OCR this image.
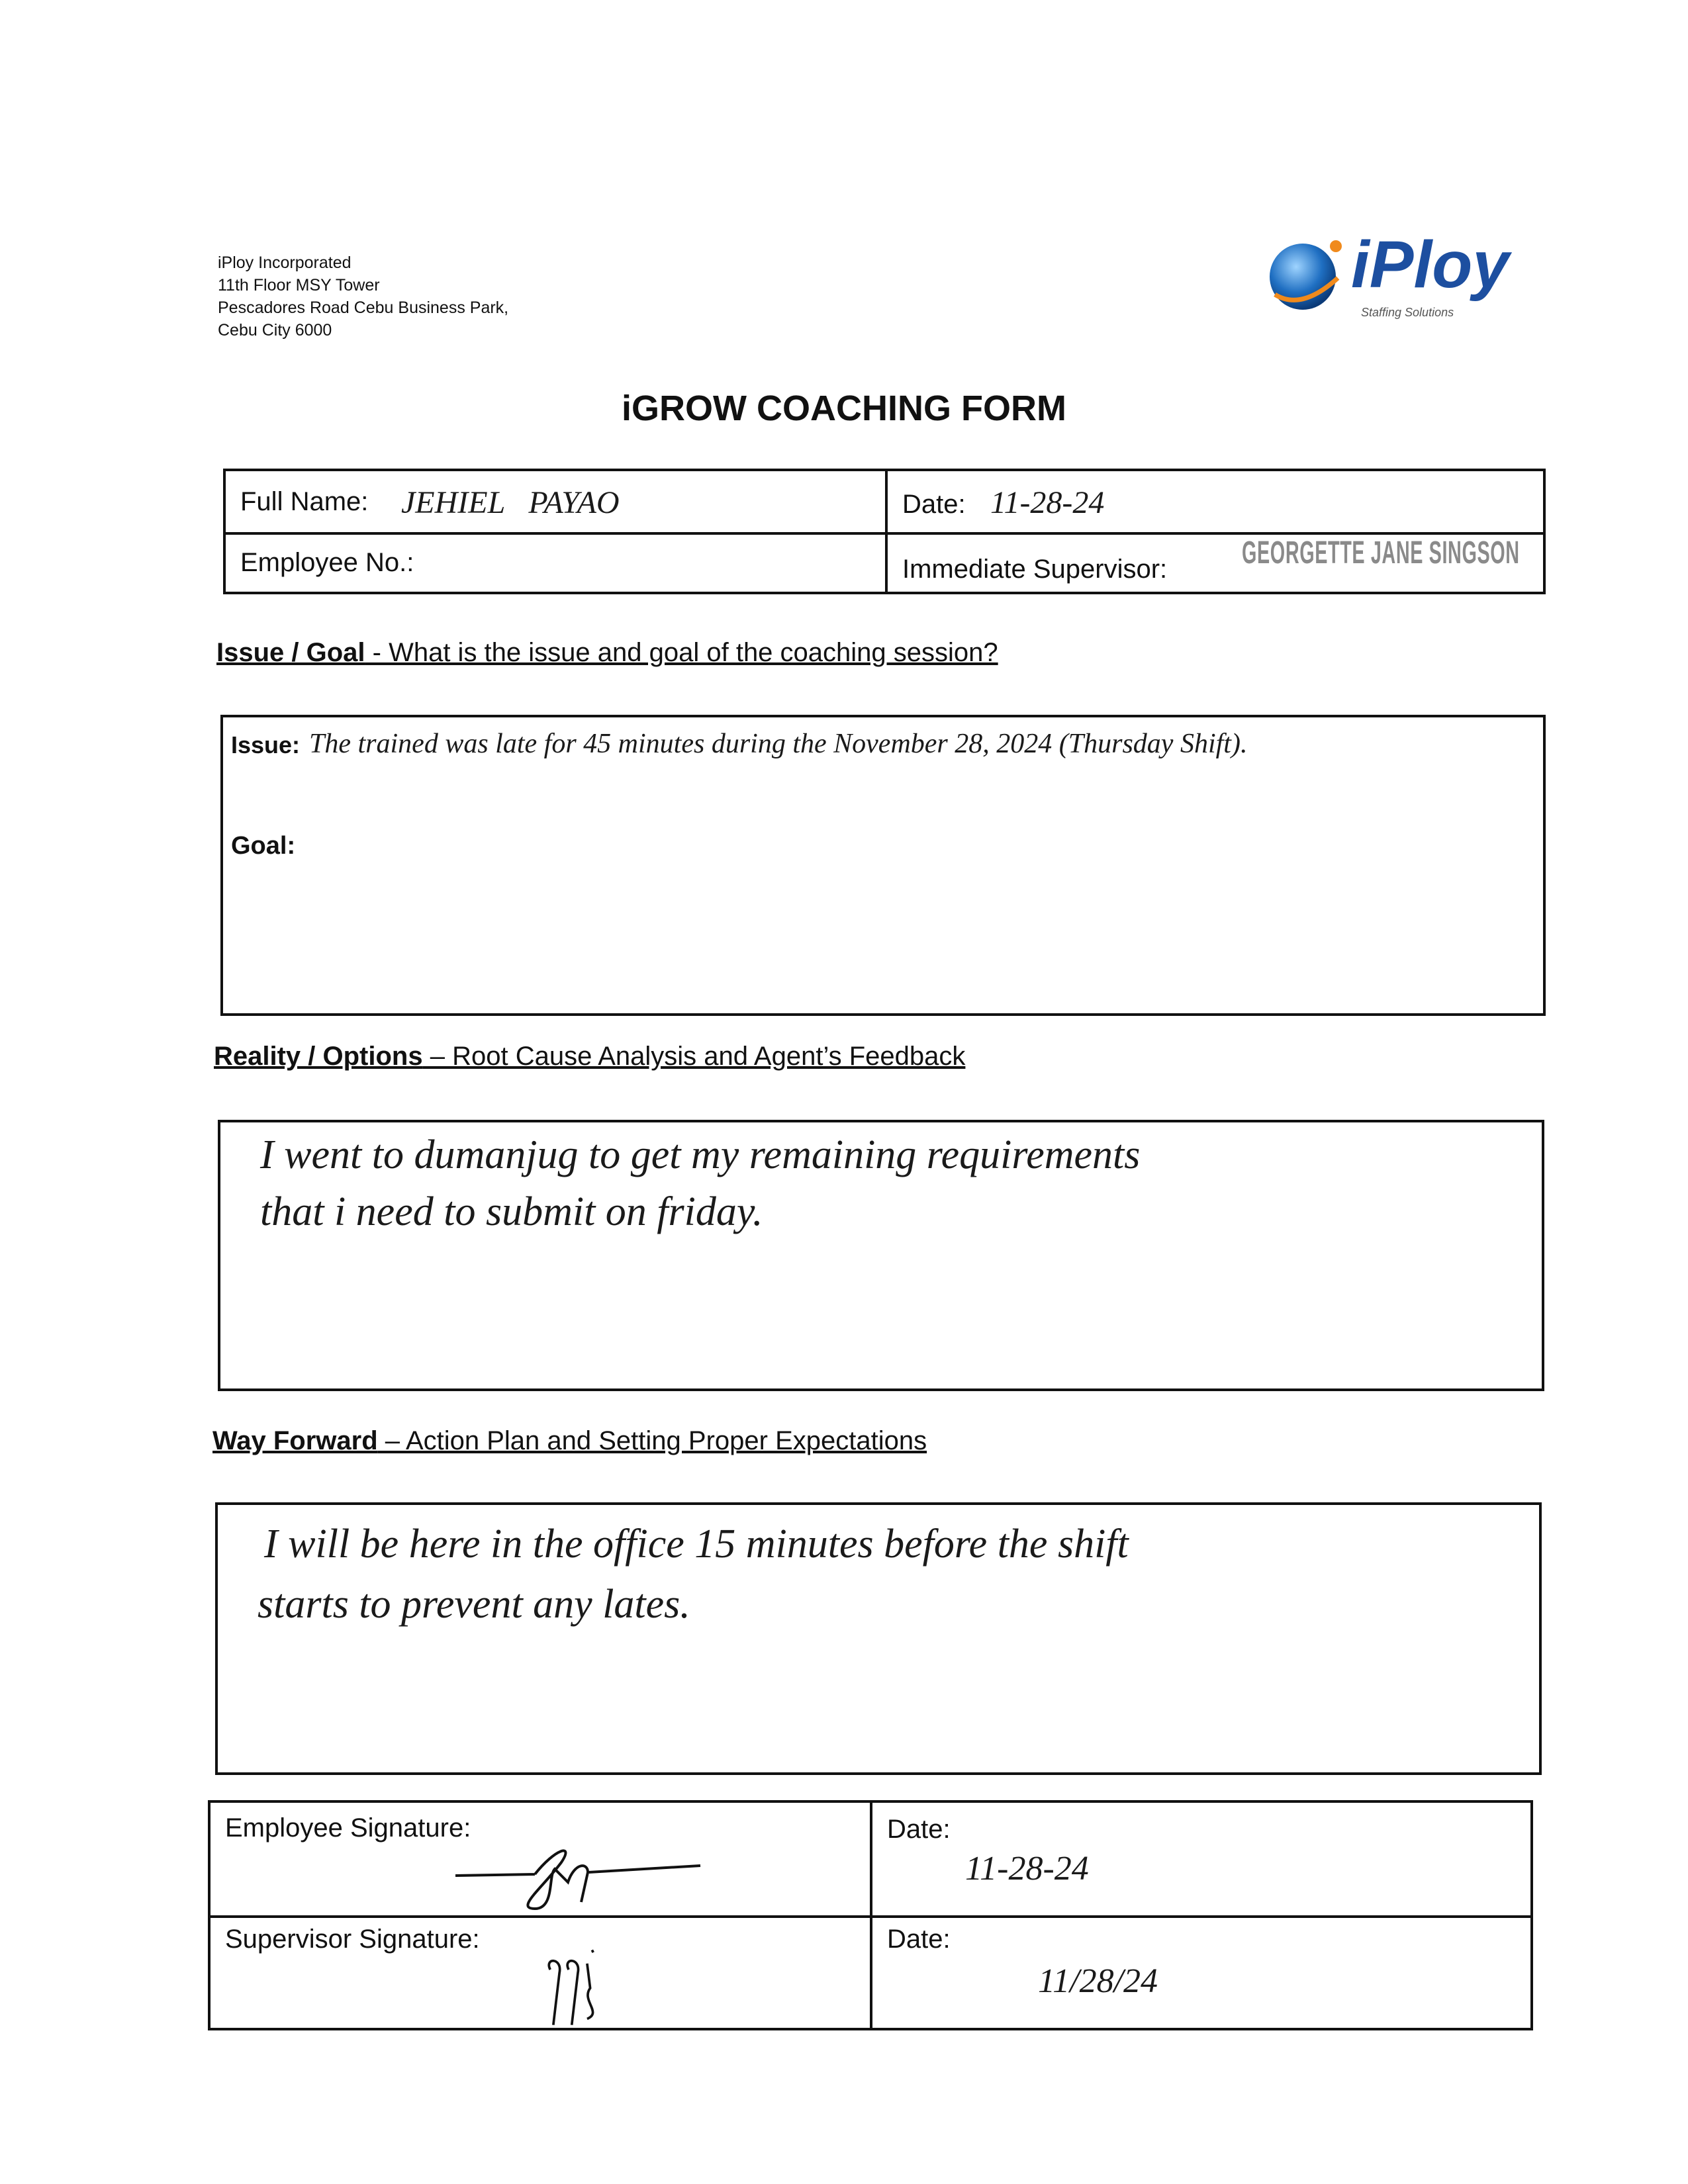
iPloy Incorporated
11th Floor MSY Tower
Pescadores Road Cebu Business Park,
Cebu City 6000
iPloy
Staffing Solutions
iGROW COACHING FORM
Full Name: JEHIEL   PAYAO	Date: 11-28-24
Employee No.:	Immediate Supervisor: GEORGETTE JANE SINGSON
Issue / Goal - What is the issue and goal of the coaching session?
Issue: The trained was late for 45 minutes during the November 28, 2024 (Thursday Shift).
Goal:
Reality / Options – Root Cause Analysis and Agent’s Feedback
I went to dumanjug to get my remaining requirements
that i need to submit on friday.
Way Forward – Action Plan and Setting Proper Expectations
I will be here in the office 15 minutes before the shift
starts to prevent any lates.
Employee Signature:	Date:
11-28-24
Supervisor Signature:	Date:
11/28/24
